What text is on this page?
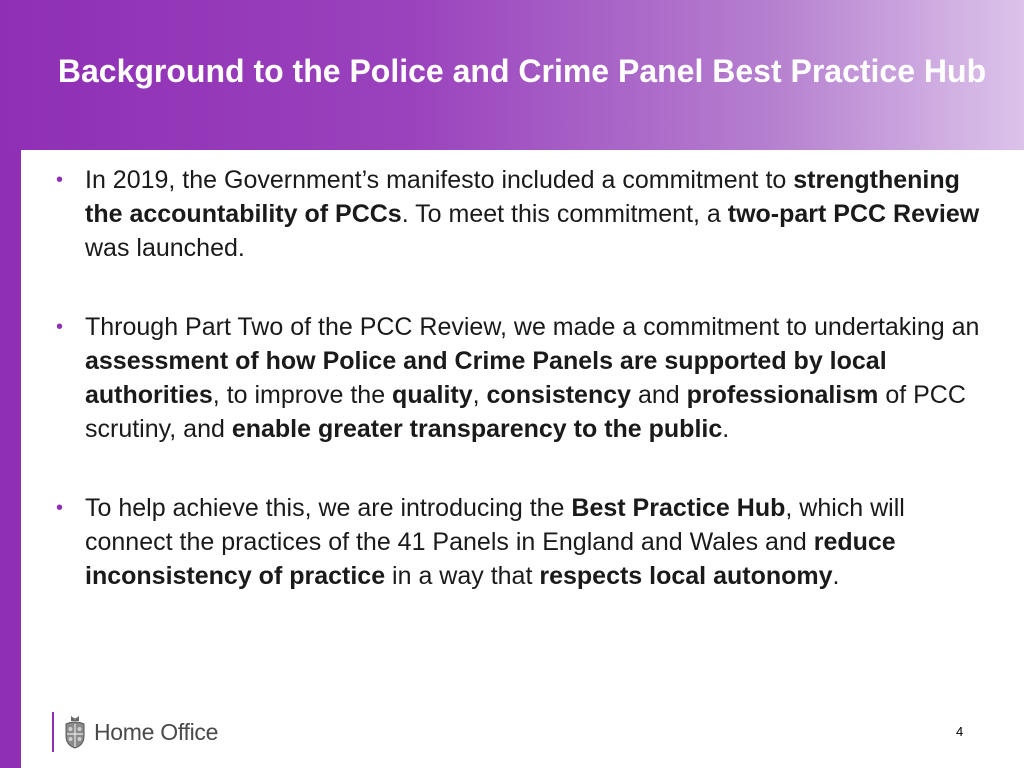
Background to the Police and Crime Panel Best Practice Hub

• In 2019, the Government’s manifesto included a commitment to strengthening the accountability of PCCs. To meet this commitment, a two-part PCC Review was launched.

• Through Part Two of the PCC Review, we made a commitment to undertaking an assessment of how Police and Crime Panels are supported by local authorities, to improve the quality, consistency and professionalism of PCC scrutiny, and enable greater transparency to the public.

• To help achieve this, we are introducing the Best Practice Hub, which will connect the practices of the 41 Panels in England and Wales and reduce inconsistency of practice in a way that respects local autonomy.

Home Office	4
